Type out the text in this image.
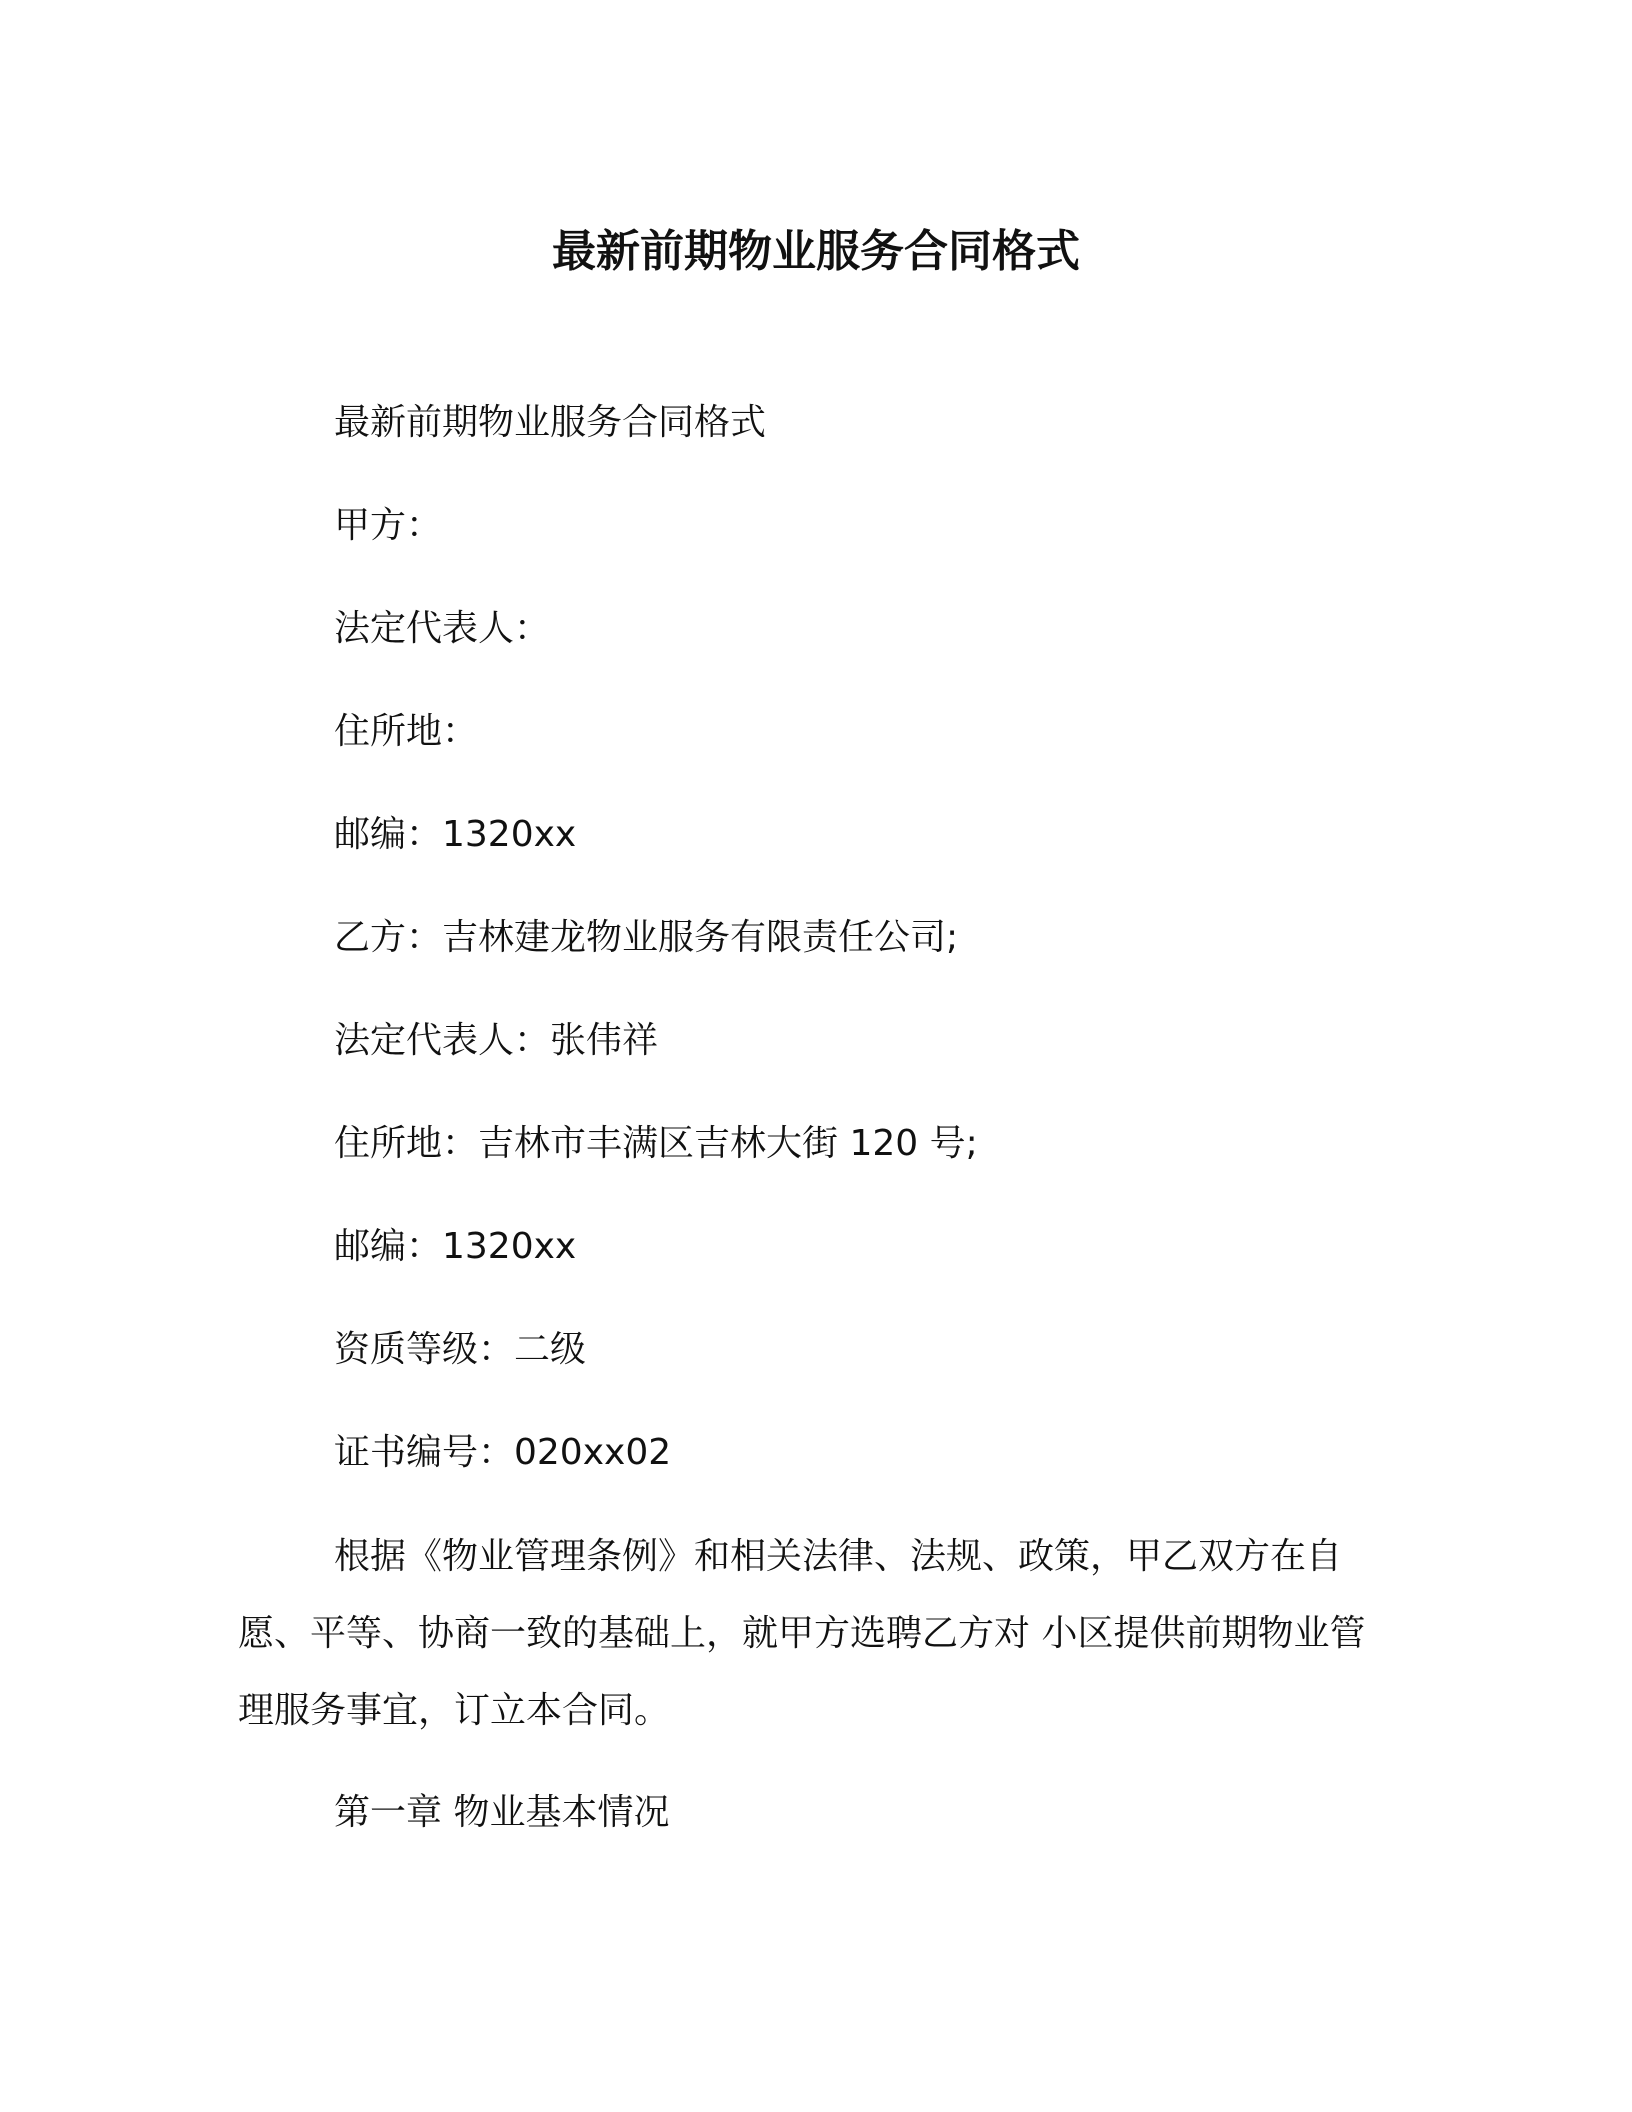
最新前期物业服务合同格式
最新前期物业服务合同格式
甲方：
法定代表人：
住所地：
邮编：1320xx
乙方：吉林建龙物业服务有限责任公司;
法定代表人：张伟祥
住所地：吉林市丰满区吉林大街 120 号;
邮编：1320xx
资质等级：二级
证书编号：020xx02
根据《物业管理条例》和相关法律、法规、政策，甲乙双方在自愿、平等、协商一致的基础上，就甲方选聘乙方对 小区提供前期物业管理服务事宜，订立本合同。
第一章 物业基本情况
